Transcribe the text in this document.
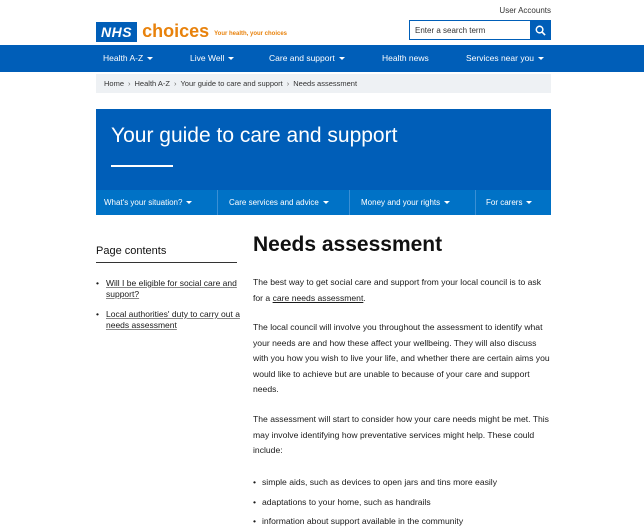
User Accounts
NHS choices Your health, your choices
Enter a search term
Health A-Z	Live Well	Care and support	Health news	Services near you
Home › Health A-Z › Your guide to care and support › Needs assessment
Your guide to care and support
What's your situation?	Care services and advice	Money and your rights	For carers
Page contents
• Will I be eligible for social care and support?
• Local authorities' duty to carry out a needs assessment
Needs assessment

The best way to get social care and support from your local council is to ask for a care needs assessment.

The local council will involve you throughout the assessment to identify what your needs are and how these affect your wellbeing. They will also discuss with you how you wish to live your life, and whether there are certain aims you would like to achieve but are unable to because of your care and support needs.

The assessment will start to consider how your care needs might be met. This may involve identifying how preventative services might help. These could include:

• simple aids, such as devices to open jars and tins more easily
• adaptations to your home, such as handrails
• information about support available in the community
